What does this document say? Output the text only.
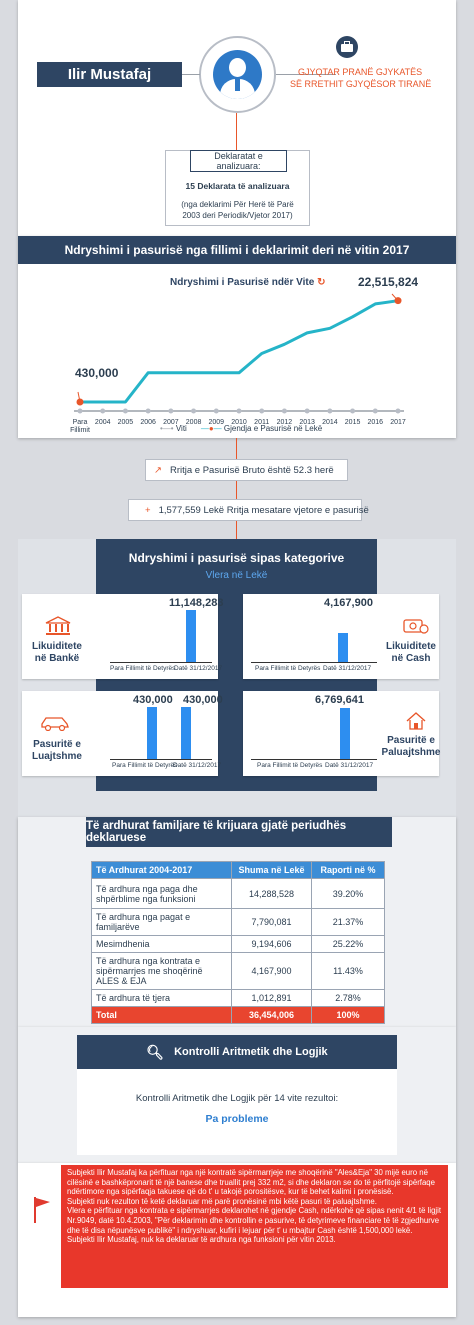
Ilir Mustafaj	GJYQTAR PRANË GJYKATËS
SË RRETHIT GJYQËSOR TIRANË
Deklaratat e analizuara:
15 Deklarata të analizuara
(nga deklarimi Për Herë të Parë 2003 deri Periodik/Vjetor 2017)
Ndryshimi i pasurisë nga fillimi i deklarimit deri në vitin 2017
Ndryshimi i Pasurisë ndër Vite ↻
430,000
22,515,824
Para Fillimit
2004 2005 2006 2007 2008 2009 2010 2011 2012 2013 2014 2015 2016 2017
•—• Viti —●— Gjendja e Pasurisë në Lekë
↗ Rritja e Pasurisë Bruto është 52.3 herë
+ 1,577,559 Lekë Rritja mesatare vjetore e pasurisë
Ndryshimi i pasurisë sipas kategorive
Vlera në Lekë
Likuiditete në Bankë
11,148,283
Para Fillimit të Detyrës
Datë 31/12/2017
4,167,900
Para Fillimit të Detyrës Datë 31/12/2017
Likuiditete në Cash
Pasuritë e Luajtshme
430,000 430,000
Para Fillimit të Detyrës
Datë 31/12/2017
6,769,641
Para Fillimit të Detyrës Datë 31/12/2017
Pasuritë e Paluajtshme
Të ardhurat familjare të krijuara gjatë periudhës deklaruese
Të Ardhurat 2004-2017	Shuma në Lekë	Raporti në %
Të ardhura nga paga dhe shpërblime nga funksioni	14,288,528	39.20%
Të ardhura nga pagat e familjarëve	7,790,081	21.37%
Mesimdhenia	9,194,606	25.22%
Të ardhura nga kontrata e sipërmarrjes me shoqërinë ALES & EJA	4,167,900	11.43%
Të ardhura të tjera	1,012,891	2.78%
Total	36,454,006	100%
🔍︎ Kontrolli Aritmetik dhe Logjik
Kontrolli Aritmetik dhe Logjik për 14 vite rezultoi:
Pa probleme
Subjekti Ilir Mustafaj ka përfituar nga një kontratë sipërmarrjeje me shoqërinë "Ales&Eja" 30 mijë euro në cilësinë e bashkëpronarit të një banese dhe truallit prej 332 m2, si dhe deklaron se do të përfitojë sipërfaqe ndërtimore nga sipërfaqja takuese që do t' u takojë porositësve, kur të behet kalimi i pronësisë.
Subjekti nuk rezulton të ketë deklaruar më parë pronësinë mbi këtë pasuri të paluajtshme.
Vlera e përfituar nga kontrata e sipërmarrjes deklarohet në gjendje Cash, ndërkohë që sipas nenit 4/1 të ligjit Nr.9049, datë 10.4.2003, "Për deklarimin dhe kontrollin e pasurive, të detyrimeve financiare të të zgjedhurve dhe të disa nëpunësve publikë" i ndryshuar, kufiri i lejuar për t' u mbajtur Cash është 1,500,000 lekë.
Subjekti Ilir Mustafaj, nuk ka deklaruar të ardhura nga funksioni për vitin 2013.
